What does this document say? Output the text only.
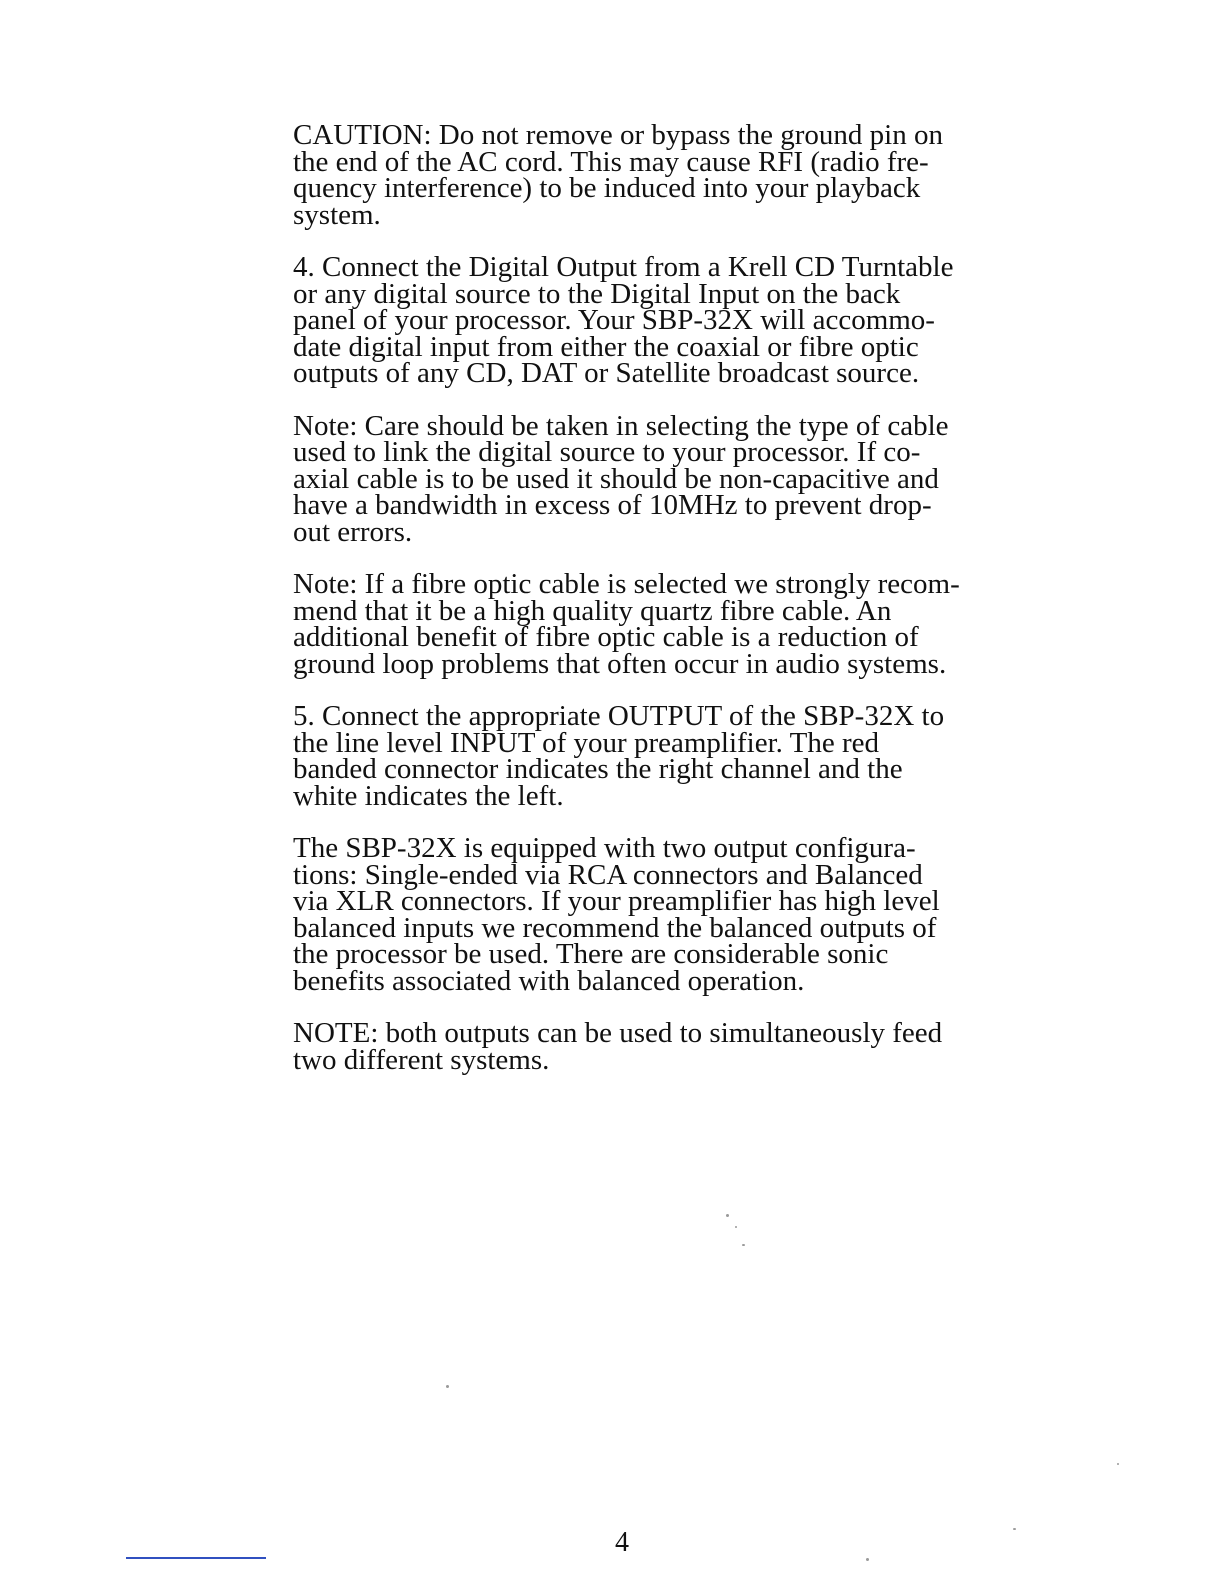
CAUTION: Do not remove or bypass the ground pin on
the end of the AC cord. This may cause RFI (radio fre-
quency interference) to be induced into your playback
system.

4. Connect the Digital Output from a Krell CD Turntable
or any digital source to the Digital Input on the back
panel of your processor. Your SBP-32X will accommo-
date digital input from either the coaxial or fibre optic
outputs of any CD, DAT or Satellite broadcast source.

Note: Care should be taken in selecting the type of cable
used to link the digital source to your processor. If co-
axial cable is to be used it should be non-capacitive and
have a bandwidth in excess of 10MHz to prevent drop-
out errors.

Note: If a fibre optic cable is selected we strongly recom-
mend that it be a high quality quartz fibre cable. An
additional benefit of fibre optic cable is a reduction of
ground loop problems that often occur in audio systems.

5. Connect the appropriate OUTPUT of the SBP-32X to
the line level INPUT of your preamplifier. The red
banded connector indicates the right channel and the
white indicates the left.

The SBP-32X is equipped with two output configura-
tions: Single-ended via RCA connectors and Balanced
via XLR connectors. If your preamplifier has high level
balanced inputs we recommend the balanced outputs of
the processor be used. There are considerable sonic
benefits associated with balanced operation.

NOTE: both outputs can be used to simultaneously feed
two different systems.

4
